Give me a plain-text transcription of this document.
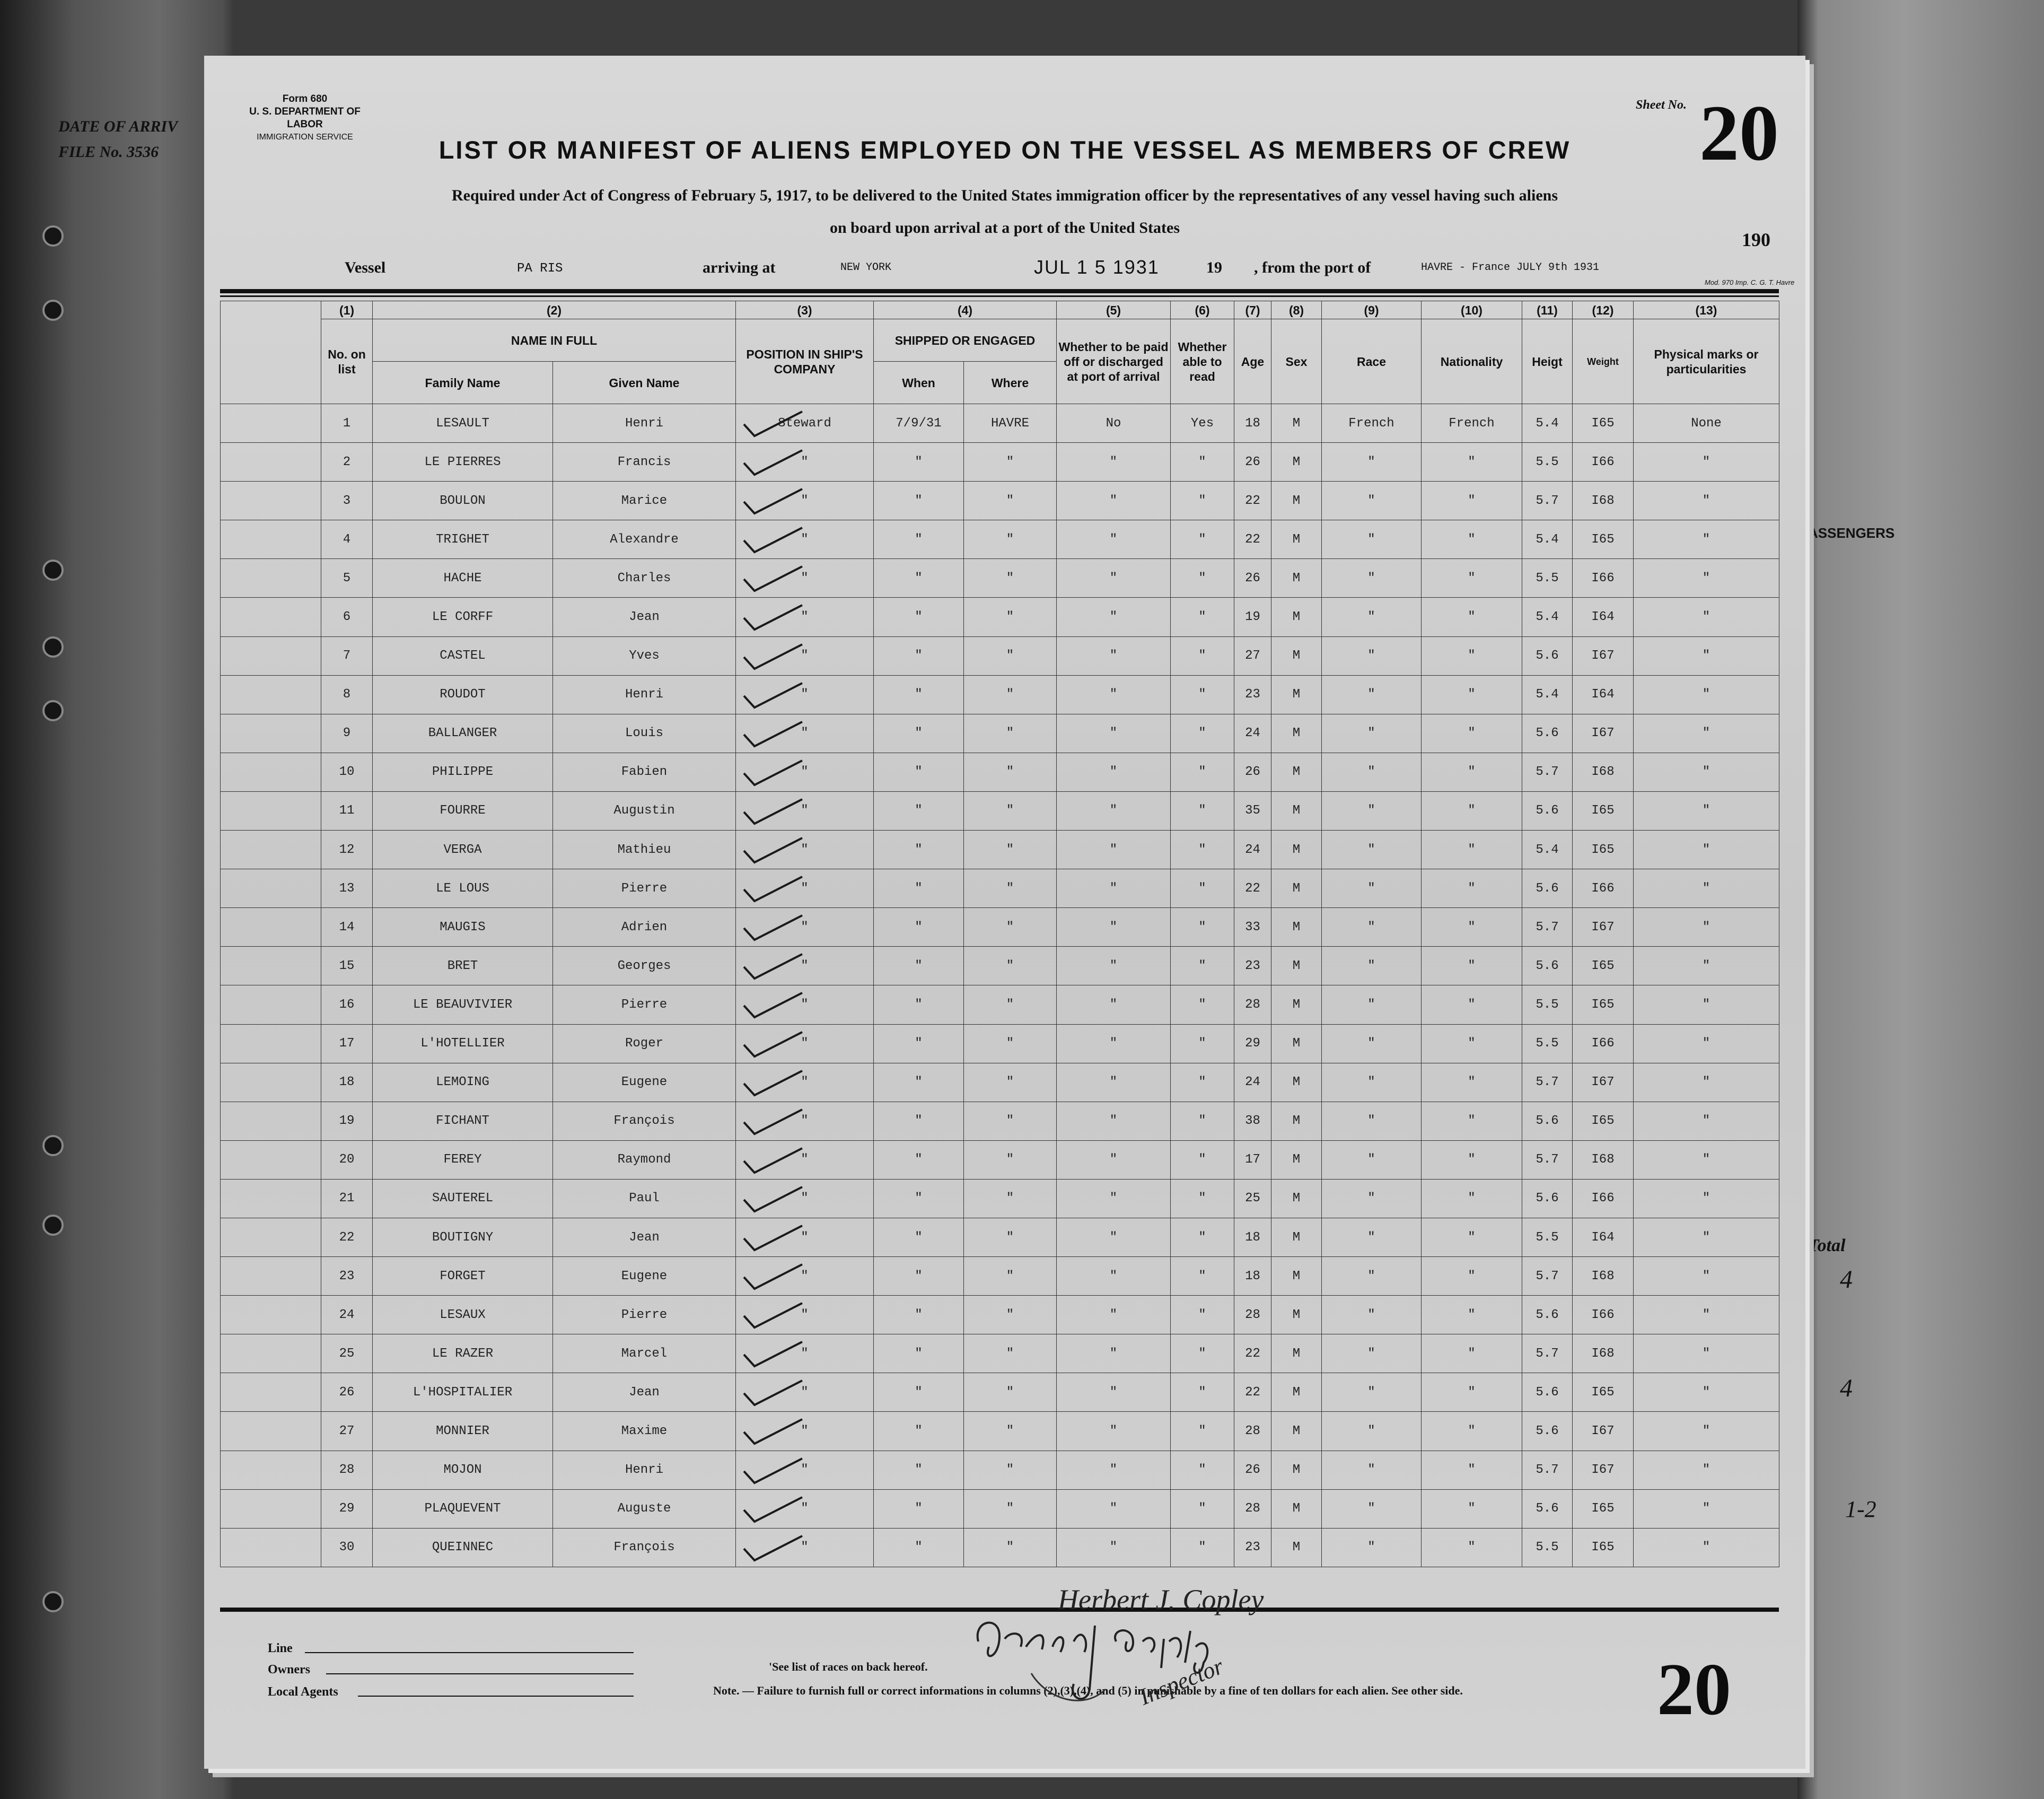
DATE OF ARRIV
FILE No. 3536
ASSENGERS
Total
4
4
1-2
Form 680
U. S. DEPARTMENT OF LABOR
IMMIGRATION SERVICE
Sheet No. 20
LIST OR MANIFEST OF ALIENS EMPLOYED ON THE VESSEL AS MEMBERS OF CREW
Required under Act of Congress of February 5, 1917, to be delivered to the United States immigration officer by the representatives of any vessel having such aliens
on board upon arrival at a port of the United States
190
Vessel	PA RIS	arriving at	NEW YORK	JUL 1 5 1931	19 , from the port of	HAVRE - France JULY 9th 1931
Mod. 970 Imp. C. G. T. Havre
	(1)	(2)		(3)	(4)		(5)	(6)	(7)	(8)	(9)	(10)	(11)	(12)	(13)
	No. on list	NAME IN FULL		POSITION IN SHIP'S COMPANY	SHIPPED OR ENGAGED		Whether to be paid off or discharged at port of arrival	Whether able to read	Age	Sex	Race	Nationality	Heigt	Weight	Physical marks or particularities
		Family Name	Given Name		When	Where									
	1	LESAULT	Henri	Steward	7/9/31	HAVRE	No	Yes	18	M	French	French	5.4	I65	None
	2	LE PIERRES	Francis	"	"	"	"	"	26	M	"	"	5.5	I66	"
	3	BOULON	Marice	"	"	"	"	"	22	M	"	"	5.7	I68	"
	4	TRIGHET	Alexandre	"	"	"	"	"	22	M	"	"	5.4	I65	"
	5	HACHE	Charles	"	"	"	"	"	26	M	"	"	5.5	I66	"
	6	LE CORFF	Jean	"	"	"	"	"	19	M	"	"	5.4	I64	"
	7	CASTEL	Yves	"	"	"	"	"	27	M	"	"	5.6	I67	"
	8	ROUDOT	Henri	"	"	"	"	"	23	M	"	"	5.4	I64	"
	9	BALLANGER	Louis	"	"	"	"	"	24	M	"	"	5.6	I67	"
	10	PHILIPPE	Fabien	"	"	"	"	"	26	M	"	"	5.7	I68	"
	11	FOURRE	Augustin	"	"	"	"	"	35	M	"	"	5.6	I65	"
	12	VERGA	Mathieu	"	"	"	"	"	24	M	"	"	5.4	I65	"
	13	LE LOUS	Pierre	"	"	"	"	"	22	M	"	"	5.6	I66	"
	14	MAUGIS	Adrien	"	"	"	"	"	33	M	"	"	5.7	I67	"
	15	BRET	Georges	"	"	"	"	"	23	M	"	"	5.6	I65	"
	16	LE BEAUVIVIER	Pierre	"	"	"	"	"	28	M	"	"	5.5	I65	"
	17	L'HOTELLIER	Roger	"	"	"	"	"	29	M	"	"	5.5	I66	"
	18	LEMOING	Eugene	"	"	"	"	"	24	M	"	"	5.7	I67	"
	19	FICHANT	François	"	"	"	"	"	38	M	"	"	5.6	I65	"
	20	FEREY	Raymond	"	"	"	"	"	17	M	"	"	5.7	I68	"
	21	SAUTEREL	Paul	"	"	"	"	"	25	M	"	"	5.6	I66	"
	22	BOUTIGNY	Jean	"	"	"	"	"	18	M	"	"	5.5	I64	"
	23	FORGET	Eugene	"	"	"	"	"	18	M	"	"	5.7	I68	"
	24	LESAUX	Pierre	"	"	"	"	"	28	M	"	"	5.6	I66	"
	25	LE RAZER	Marcel	"	"	"	"	"	22	M	"	"	5.7	I68	"
	26	L'HOSPITALIER	Jean	"	"	"	"	"	22	M	"	"	5.6	I65	"
	27	MONNIER	Maxime	"	"	"	"	"	28	M	"	"	5.6	I67	"
	28	MOJON	Henri	"	"	"	"	"	26	M	"	"	5.7	I67	"
	29	PLAQUEVENT	Auguste	"	"	"	"	"	28	M	"	"	5.6	I65	"
	30	QUEINNEC	François	"	"	"	"	"	23	M	"	"	5.5	I65	"
Line
Owners
Local Agents
'See list of races on back hereof.
Note. — Failure to furnish full or correct informations in columns (2),(3),(4), and (5) in punishable by a fine of ten dollars for each alien. See other side.
Herbert J. Copley
Inspector	20
